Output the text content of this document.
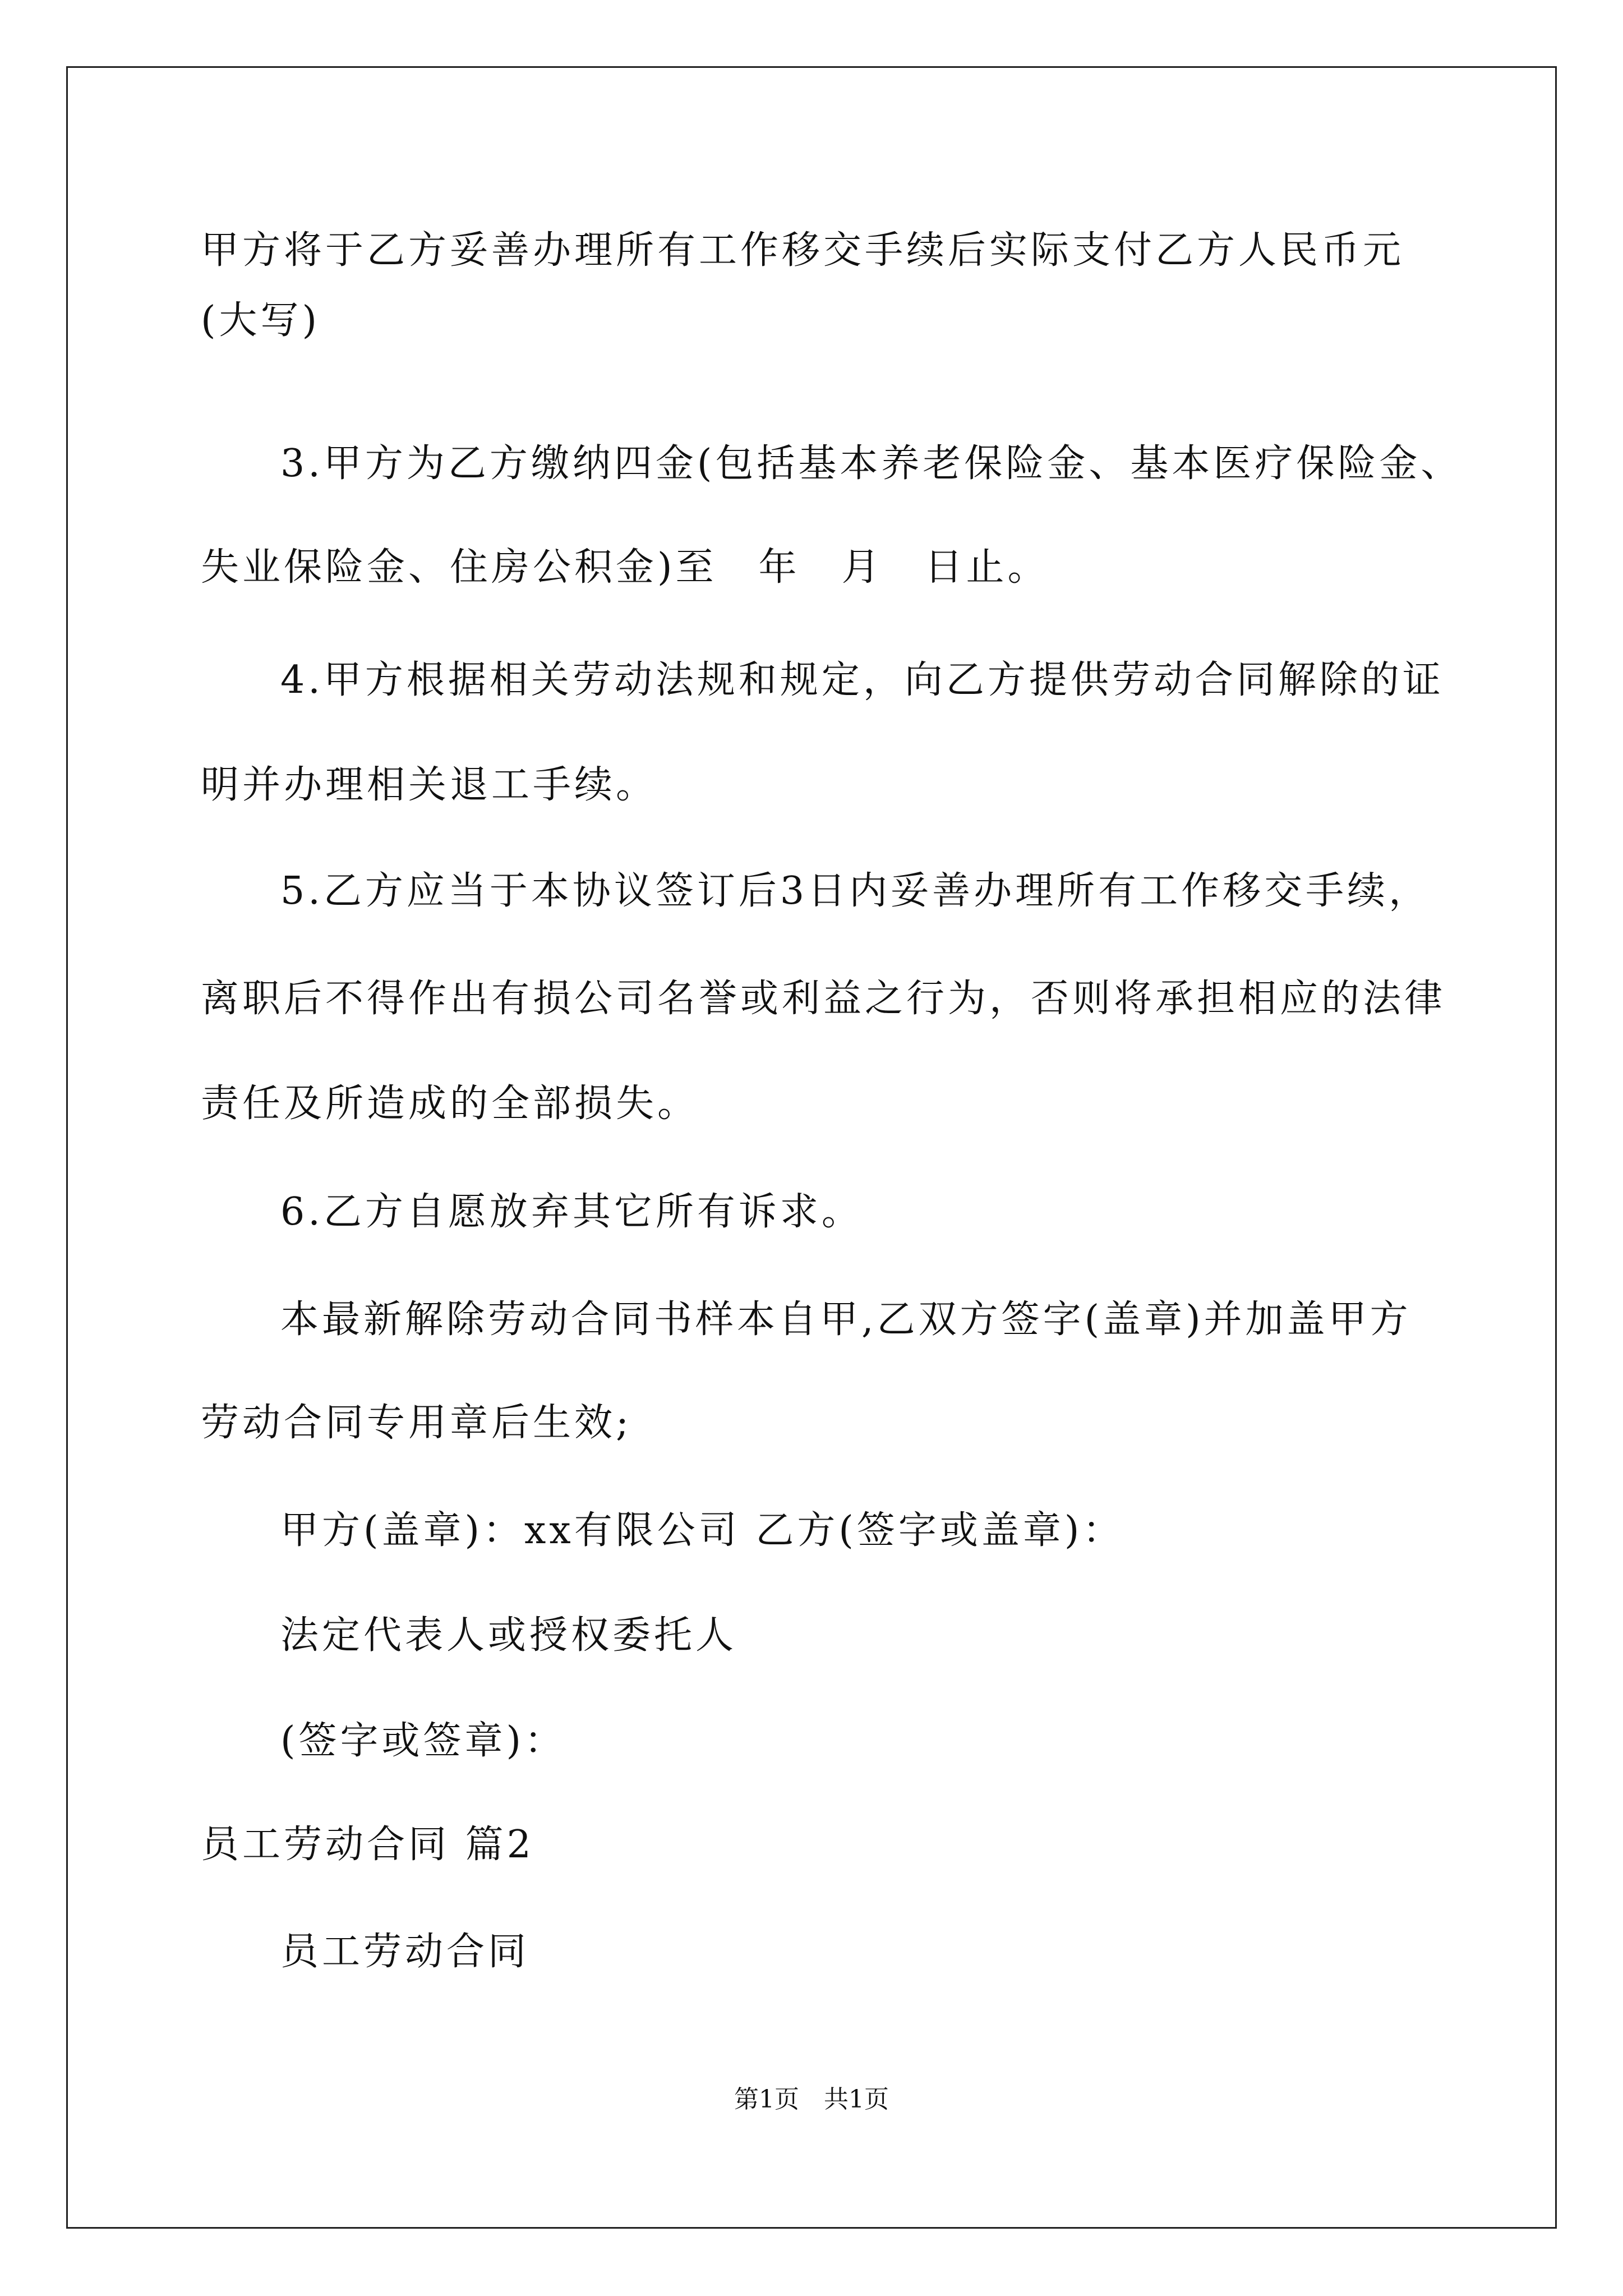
甲方将于乙方妥善办理所有工作移交手续后实际支付乙方人民币元
(大写)
3.甲方为乙方缴纳四金(包括基本养老保险金、基本医疗保险金、
失业保险金、住房公积金)至　年　月　日止。
4.甲方根据相关劳动法规和规定，向乙方提供劳动合同解除的证
明并办理相关退工手续。
5.乙方应当于本协议签订后3日内妥善办理所有工作移交手续，
离职后不得作出有损公司名誉或利益之行为，否则将承担相应的法律
责任及所造成的全部损失。
6.乙方自愿放弃其它所有诉求。
本最新解除劳动合同书样本自甲,乙双方签字(盖章)并加盖甲方
劳动合同专用章后生效;
甲方(盖章)：xx有限公司 乙方(签字或盖章)：
法定代表人或授权委托人
(签字或签章)：
员工劳动合同 篇2
员工劳动合同
第1页　共1页
